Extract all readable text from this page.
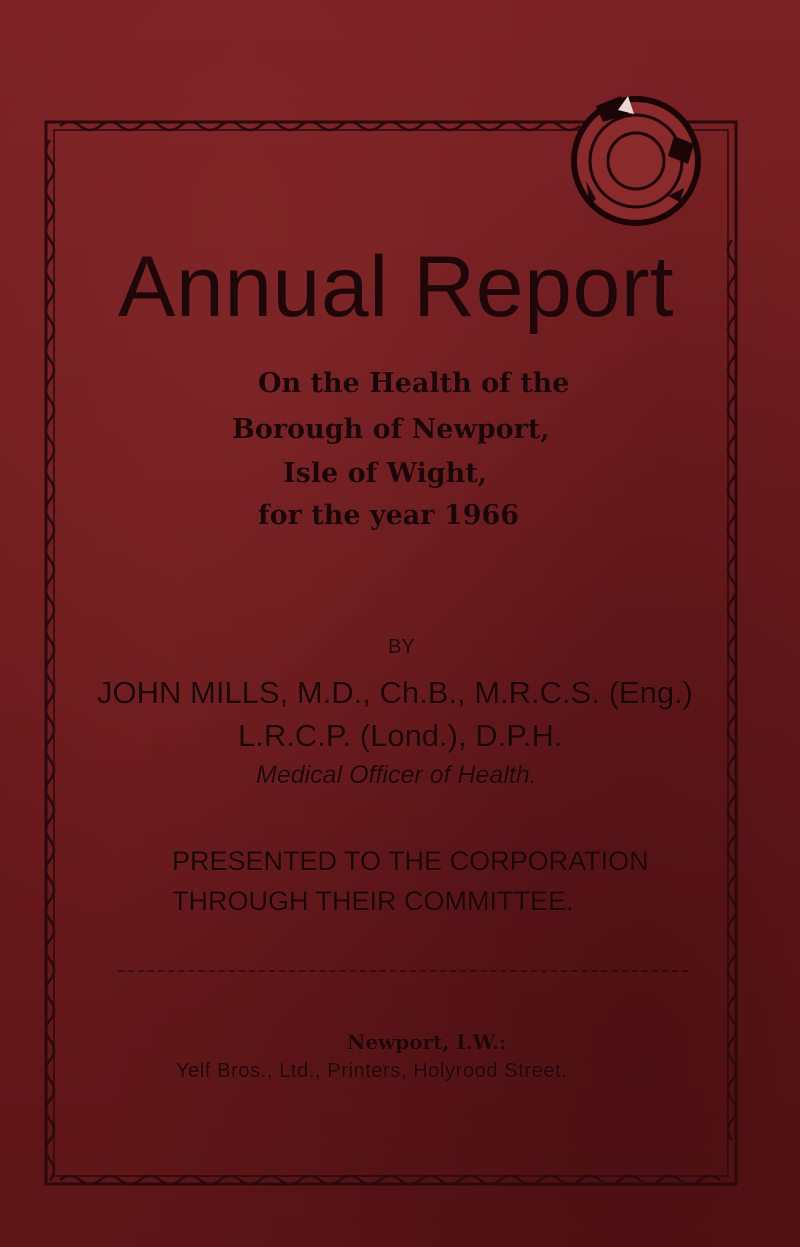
Annual Report

On the Health of the

Borough of Newport,

Isle of Wight,

for the year 1966

BY

JOHN MILLS, M.D., Ch.B., M.R.C.S. (Eng.)

L.R.C.P. (Lond.), D.P.H.

Medical Officer of Health.

PRESENTED TO THE CORPORATION

THROUGH THEIR COMMITTEE.

Newport, I.W.:

Yelf Bros., Ltd., Printers, Holyrood Street.
